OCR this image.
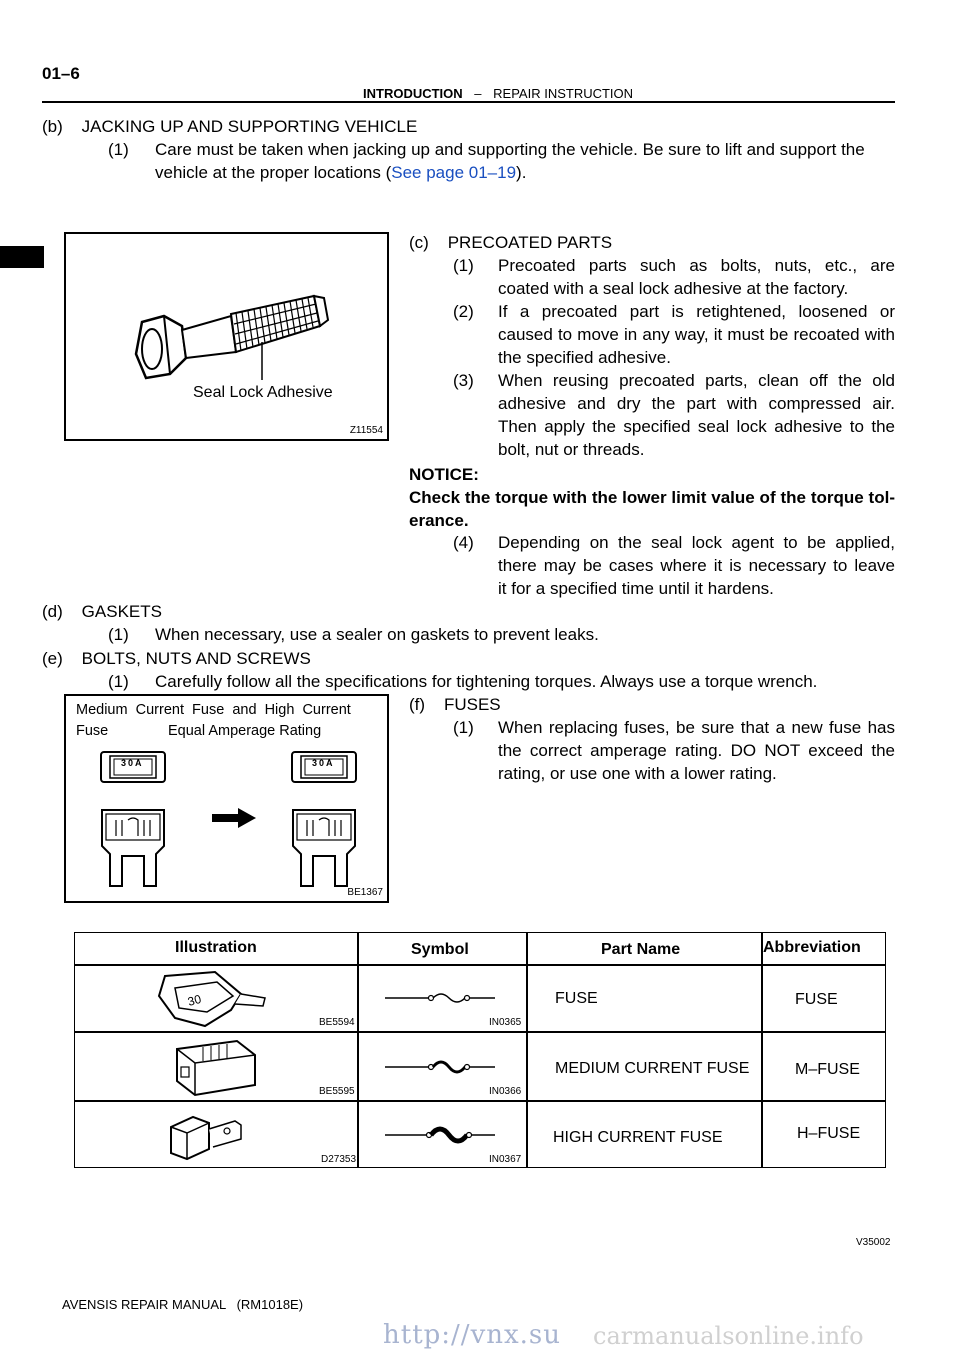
01–6
INTRODUCTION – REPAIR INSTRUCTION
(b)    JACKING UP AND SUPPORTING VEHICLE
(1) Care must be taken when jacking up and supporting the vehicle. Be sure to lift and support the
vehicle at the proper locations (See page 01–19).
Seal Lock Adhesive
Z11554
(c)    PRECOATED PARTS
(1) Precoated parts such as bolts, nuts, etc., are
coated with a seal lock adhesive at the factory.
(2) If a precoated part is retightened, loosened or
caused to move in any way, it must be recoated with
the specified adhesive.
(3) When reusing precoated parts, clean off the old
adhesive and dry the part with compressed air.
Then apply the specified seal lock adhesive to the
bolt, nut or threads.
NOTICE:
Check the torque with the lower limit value of the torque tol-
erance.
(4) Depending on the seal lock agent to be applied,
there may be cases where it is necessary to leave
it for a specified time until it hardens.
(d)    GASKETS
(1) When necessary, use a sealer on gaskets to prevent leaks.
(e)    BOLTS, NUTS AND SCREWS
(1) Carefully follow all the specifications for tightening torques. Always use a torque wrench.
Medium  Current  Fuse  and  High  Current
Fuse	Equal Amperage Rating
30A	30A
BE1367
(f)    FUSES
(1) When replacing fuses, be sure that a new fuse has
the correct amperage rating. DO NOT exceed the
rating, or use one with a lower rating.
Illustration	Symbol	Part Name	Abbreviation
30
BE5594	IN0365
FUSE	FUSE
BE5595	IN0366
MEDIUM CURRENT FUSE	M–FUSE
D27353	IN0367
HIGH CURRENT FUSE	H–FUSE
V35002
AVENSIS REPAIR MANUAL   (RM1018E)
http://vnx.su carmanualsonline.info
